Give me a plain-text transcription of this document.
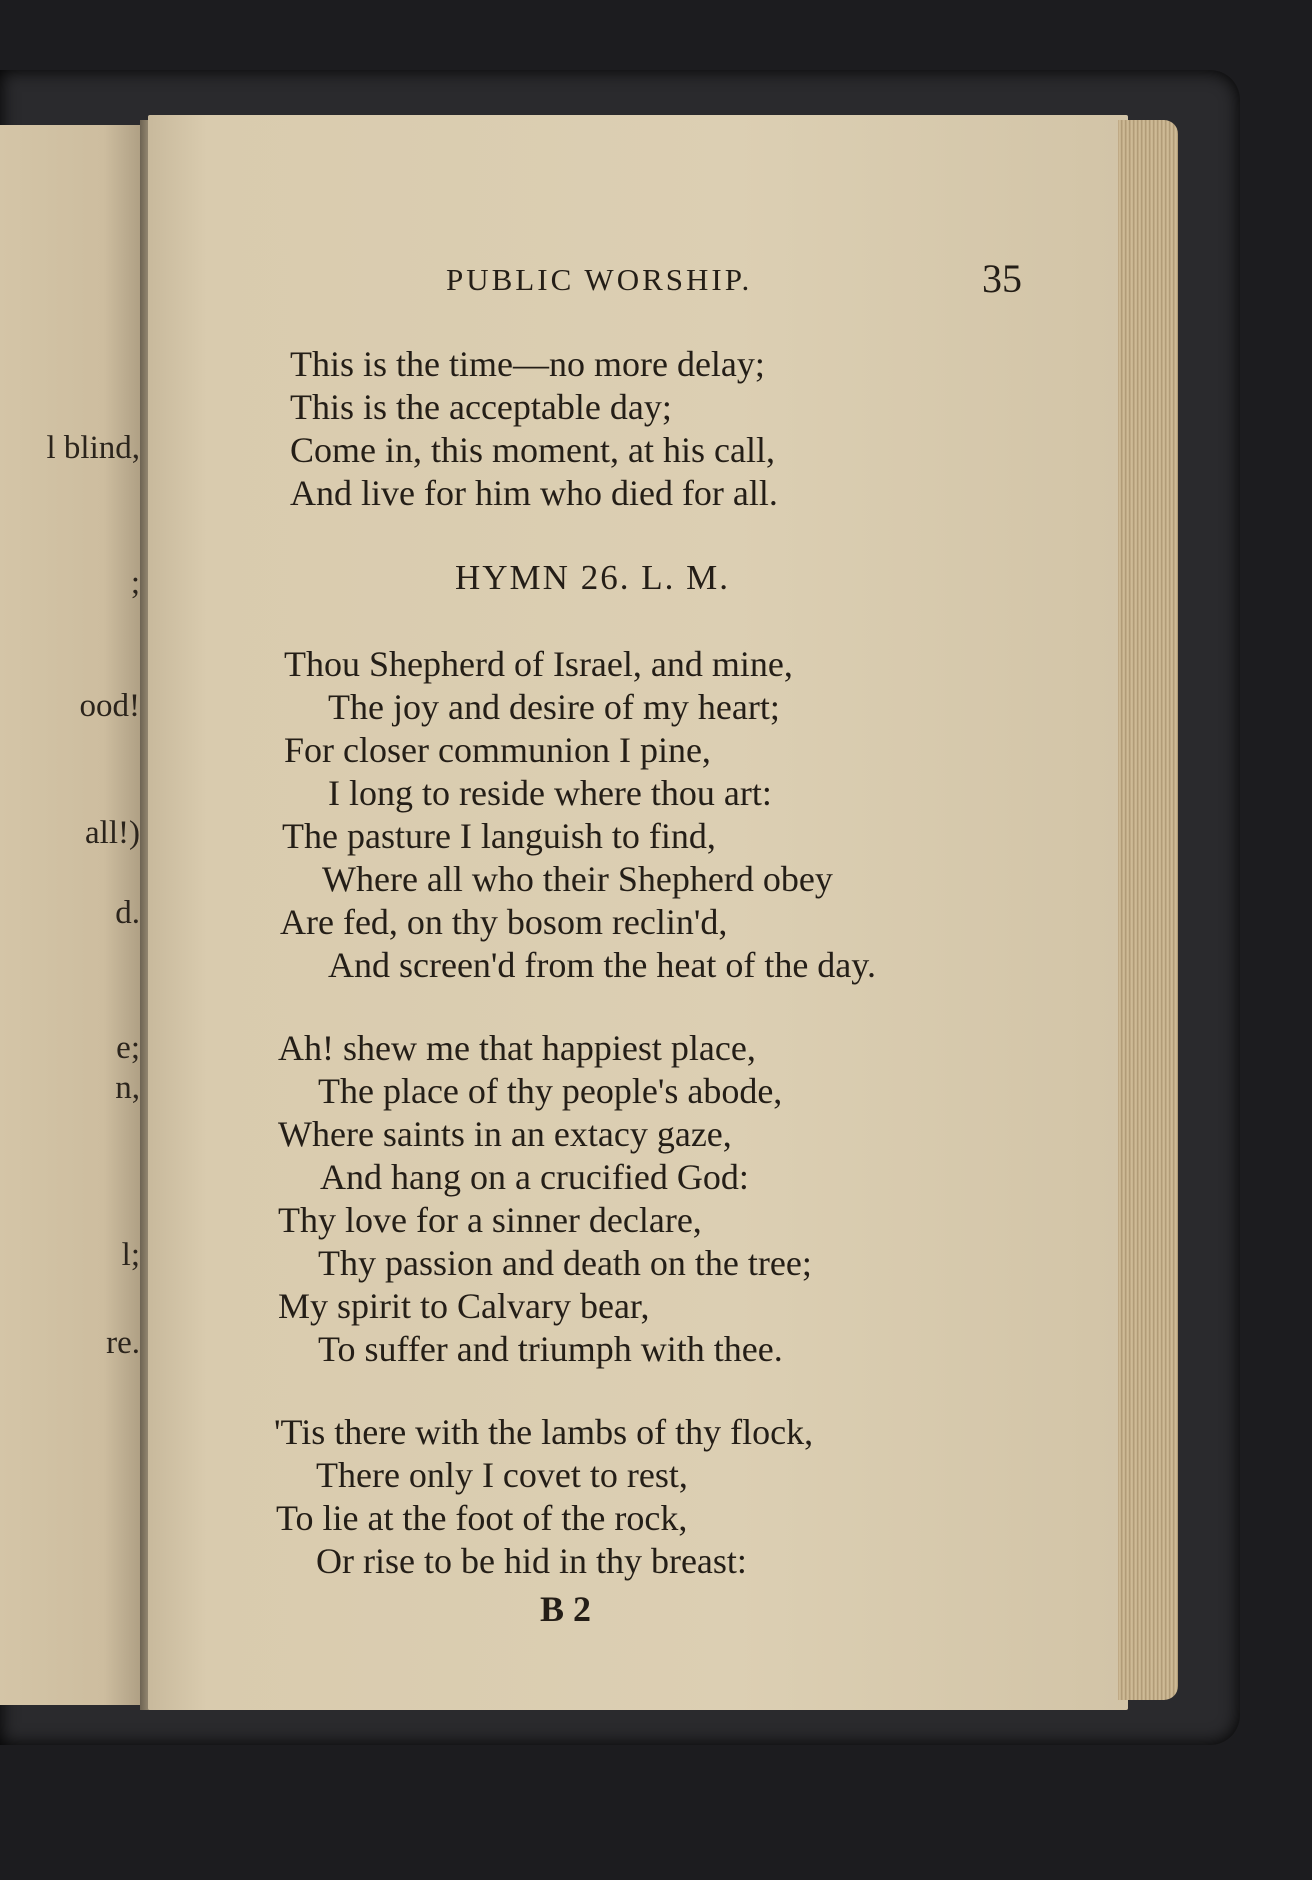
l blind,
;
ood!
all!)
d.
e;
n,
l;
re.
PUBLIC WORSHIP.	35
This is the time—no more delay;
This is the acceptable day;
Come in, this moment, at his call,
And live for him who died for all.
HYMN 26. L. M.
Thou Shepherd of Israel, and mine,
The joy and desire of my heart;
For closer communion I pine,
I long to reside where thou art:
The pasture I languish to find,
Where all who their Shepherd obey
Are fed, on thy bosom reclin'd,
And screen'd from the heat of the day.
Ah! shew me that happiest place,
The place of thy people's abode,
Where saints in an extacy gaze,
And hang on a crucified God:
Thy love for a sinner declare,
Thy passion and death on the tree;
My spirit to Calvary bear,
To suffer and triumph with thee.
'Tis there with the lambs of thy flock,
There only I covet to rest,
To lie at the foot of the rock,
Or rise to be hid in thy breast:
B 2
